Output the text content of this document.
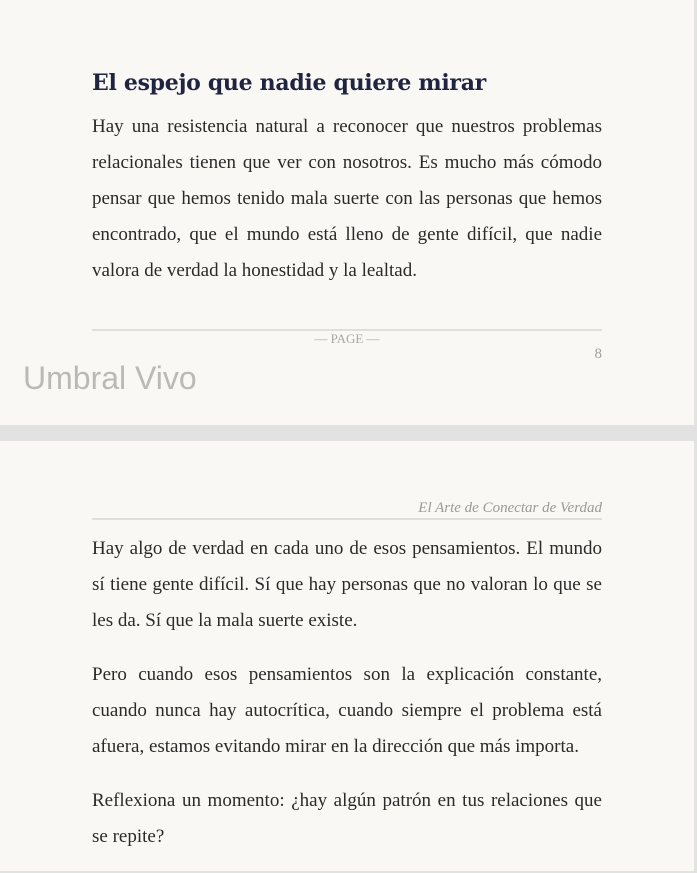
El espejo que nadie quiere mirar

Hay una resistencia natural a reconocer que nuestros problemas relacionales tienen que ver con nosotros. Es mucho más cómodo pensar que hemos tenido mala suerte con las personas que hemos encontrado, que el mundo está lleno de gente difícil, que nadie valora de verdad la honestidad y la lealtad.

— PAGE —
8
Umbral Vivo
El Arte de Conectar de Verdad

Hay algo de verdad en cada uno de esos pensamientos. El mundo sí tiene gente difícil. Sí que hay personas que no valoran lo que se les da. Sí que la mala suerte existe.

Pero cuando esos pensamientos son la explicación constante, cuando nunca hay autocrítica, cuando siempre el problema está afuera, estamos evitando mirar en la dirección que más importa.

Reflexiona un momento: ¿hay algún patrón en tus relaciones que se repite?
